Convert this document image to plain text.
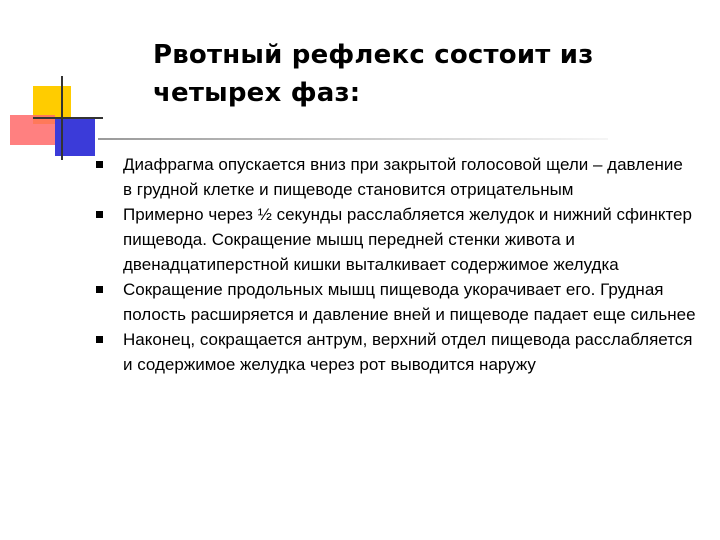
Рвотный рефлекс состоит из
четырех фаз:
Диафрагма опускается вниз при закрытой голосовой щели – давление в грудной клетке и пищеводе становится отрицательным
Примерно через ½ секунды расслабляется желудок и нижний сфинктер пищевода. Сокращение мышц передней стенки живота и двенадцатиперстной кишки выталкивает содержимое желудка
Сокращение продольных мышц пищевода укорачивает его. Грудная полость расширяется и давление вней и пищеводе падает еще сильнее
Наконец, сокращается антрум, верхний отдел пищевода расслабляется и содержимое желудка через рот выводится наружу
